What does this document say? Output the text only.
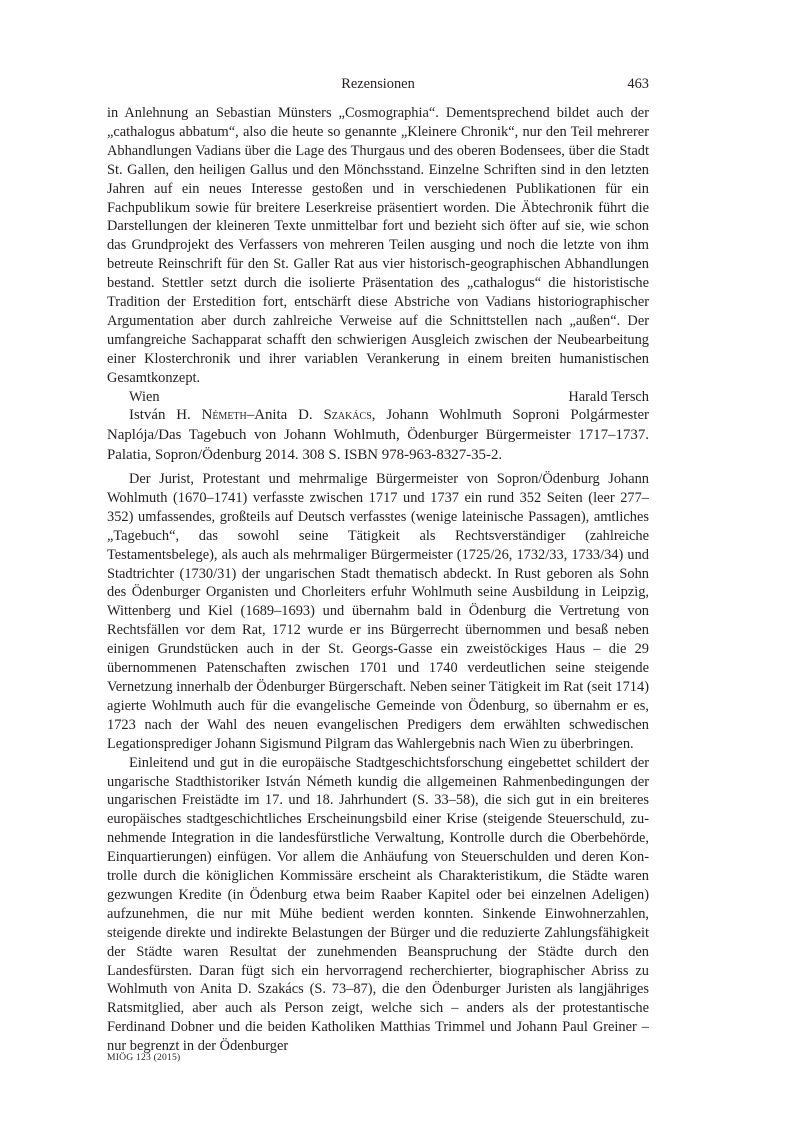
Rezensionen	463

in Anlehnung an Sebastian Münsters „Cosmographia“. Dementsprechend bildet auch der „cathalogus abbatum“, also die heute so genannte „Kleinere Chronik“, nur den Teil mehrerer Abhandlungen Vadians über die Lage des Thurgaus und des oberen Bodensees, über die Stadt St. Gallen, den heiligen Gallus und den Mönchsstand. Einzelne Schriften sind in den letzten Jahren auf ein neues Interesse gestoßen und in verschiedenen Publikationen für ein Fachpublikum sowie für breitere Leserkreise präsentiert worden. Die Äbtechronik führt die Darstellungen der kleineren Texte unmittelbar fort und bezieht sich öfter auf sie, wie schon das Grundprojekt des Verfassers von mehreren Teilen ausging und noch die letzte von ihm betreute Reinschrift für den St. Galler Rat aus vier historisch-geographischen Abhandlungen bestand. Stettler setzt durch die isolierte Präsentation des „cathalogus“ die historistische Tradition der Erstedition fort, entschärft diese Abstriche von Vadians historiographischer Argumentation aber durch zahlreiche Verweise auf die Schnittstellen nach „außen“. Der umfangreiche Sachapparat schafft den schwierigen Ausgleich zwischen der Neubearbeitung einer Klosterchronik und ihrer variablen Verankerung in einem breiten humanistischen Gesamtkonzept.

Wien	Harald Tersch
István H. Németh–Anita D. Szakács, Johann Wohlmuth Soproni Polgármester Naplója/Das Tagebuch von Johann Wohlmuth, Ödenburger Bürgermeister 1717–1737. Palatia, Sopron/Ödenburg 2014. 308 S. ISBN 978-963-8327-35-2.

Der Jurist, Protestant und mehrmalige Bürgermeister von Sopron/Ödenburg Johann Wohlmuth (1670–1741) verfasste zwischen 1717 und 1737 ein rund 352 Seiten (leer 277–352) umfassendes, großteils auf Deutsch verfasstes (wenige lateinische Passagen), amtliches „Tagebuch“, das sowohl seine Tätigkeit als Rechtsverständiger (zahlreiche Testamentsbelege), als auch als mehrmaliger Bürgermeister (1725/26, 1732/33, 1733/34) und Stadtrichter (1730/31) der ungarischen Stadt thematisch abdeckt. In Rust geboren als Sohn des Ödenburger Organisten und Chorleiters erfuhr Wohlmuth seine Ausbildung in Leipzig, Wittenberg und Kiel (1689–1693) und übernahm bald in Ödenburg die Vertretung von Rechtsfällen vor dem Rat, 1712 wurde er ins Bürgerrecht übernommen und besaß neben einigen Grundstücken auch in der St. Georgs-Gasse ein zweistöckiges Haus – die 29 übernommenen Patenschaften zwischen 1701 und 1740 verdeutlichen seine steigende Vernetzung innerhalb der Ödenburger Bürgerschaft. Neben seiner Tätigkeit im Rat (seit 1714) agierte Wohlmuth auch für die evangelische Gemeinde von Ödenburg, so übernahm er es, 1723 nach der Wahl des neuen evangelischen Predigers dem erwählten schwedischen Legationsprediger Johann Sigismund Pilgram das Wahlergebnis nach Wien zu überbringen.

Einleitend und gut in die europäische Stadtgeschichtsforschung eingebettet schildert der ungarische Stadthistoriker István Németh kundig die allgemeinen Rahmenbedingungen der ungarischen Freistädte im 17. und 18. Jahrhundert (S. 33–58), die sich gut in ein breiteres europäisches stadtgeschichtliches Erscheinungsbild einer Krise (steigende Steuerschuld, zunehmende Integration in die landesfürstliche Verwaltung, Kontrolle durch die Oberbehörde, Einquartierungen) einfügen. Vor allem die Anhäufung von Steuerschulden und deren Kontrolle durch die königlichen Kommissäre erscheint als Charakteristikum, die Städte waren gezwungen Kredite (in Ödenburg etwa beim Raaber Kapitel oder bei einzelnen Adeligen) aufzunehmen, die nur mit Mühe bedient werden konnten. Sinkende Einwohnerzahlen, steigende direkte und indirekte Belastungen der Bürger und die reduzierte Zahlungsfähigkeit der Städte waren Resultat der zunehmenden Beanspruchung der Städte durch den Landesfürsten. Daran fügt sich ein hervorragend recherchierter, biographischer Abriss zu Wohlmuth von Anita D. Szakács (S. 73–87), die den Ödenburger Juristen als langjähriges Ratsmitglied, aber auch als Person zeigt, welche sich – anders als der protestantische Ferdinand Dobner und die beiden Katholiken Matthias Trimmel und Johann Paul Greiner – nur begrenzt in der Ödenburger

MIÖG 123 (2015)
